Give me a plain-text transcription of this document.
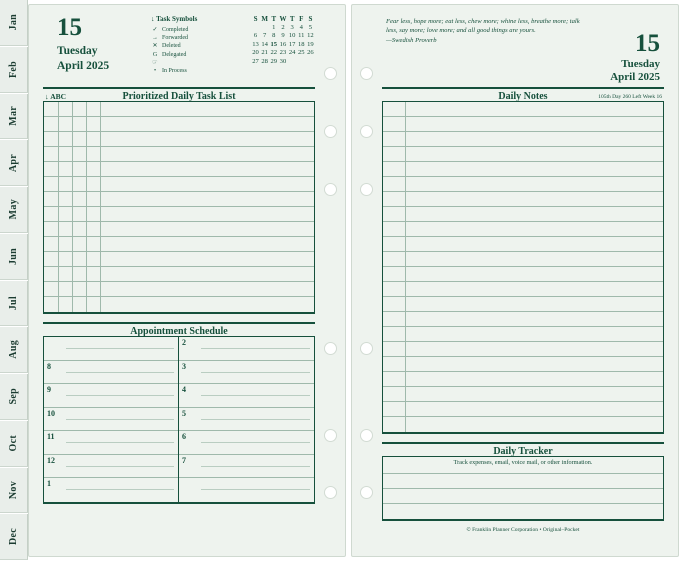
Jan
Feb
Mar
Apr
May
Jun
Jul
Aug
Sep
Oct
Nov
Dec
15
Tuesday
April 2025
↓ Task Symbols
✓ Completed
→ Forwarded
✕ Deleted
G☞
Delegated
• In Process
S	M	T	W	T	F	S
		1	2	3	4	5
6	7	8	9	10	11	12
13	14	15	16	17	18	19
20	21	22	23	24	25	26
27	28	29	30			
↓ ABC	Prioritized Daily Task List
Appointment Schedule
8
9
10
11
12
1
2
3
4
5
6
7
Fear less, hope more; eat less, chew more; whine less, breathe more; talk less, say more; love more; and all good things are yours.
—Swedish Proverb	15
Tuesday
April 2025
Daily Notes	105th Day 260 Left Week 16
Daily Tracker
Track expenses, email, voice mail, or other information.
© Franklin Planner Corporation • Original–Pocket
